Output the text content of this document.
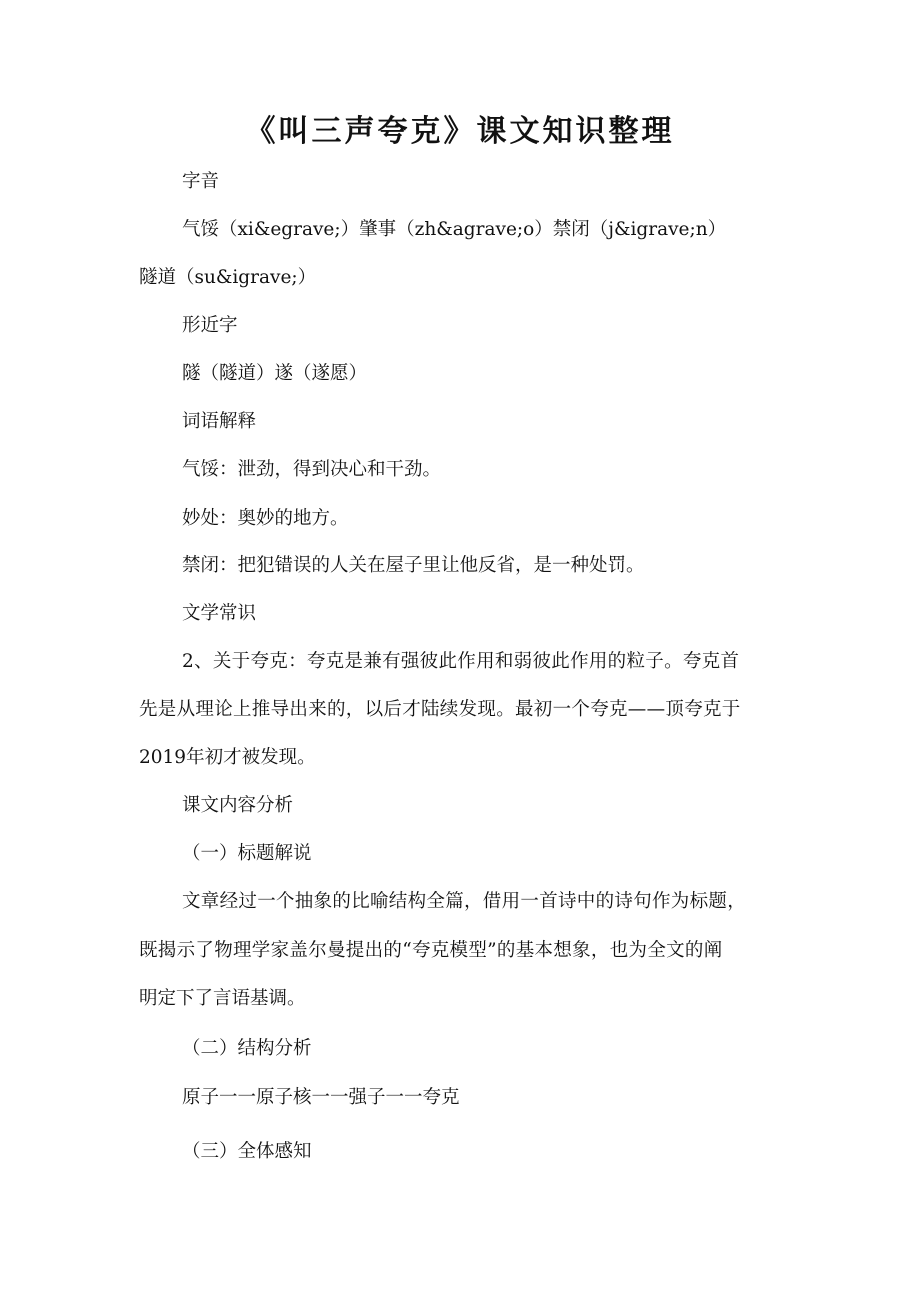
《叫三声夸克》课文知识整理
字音
气馁（xi&egrave;）肇事（zh&agrave;o）禁闭（j&igrave;n）
隧道（su&igrave;）
形近字
隧（隧道）遂（遂愿）
词语解释
气馁：泄劲，得到决心和干劲。
妙处：奥妙的地方。
禁闭：把犯错误的人关在屋子里让他反省，是一种处罚。
文学常识
2、关于夸克：夸克是兼有强彼此作用和弱彼此作用的粒子。夸克首
先是从理论上推导出来的，以后才陆续发现。最初一个夸克——顶夸克于
2019年初才被发现。
课文内容分析
（一）标题解说
文章经过一个抽象的比喻结构全篇，借用一首诗中的诗句作为标题，
既揭示了物理学家盖尔曼提出的“夸克模型”的基本想象，也为全文的阐
明定下了言语基调。
（二）结构分析
原子一一原子核一一强子一一夸克
（三）全体感知
